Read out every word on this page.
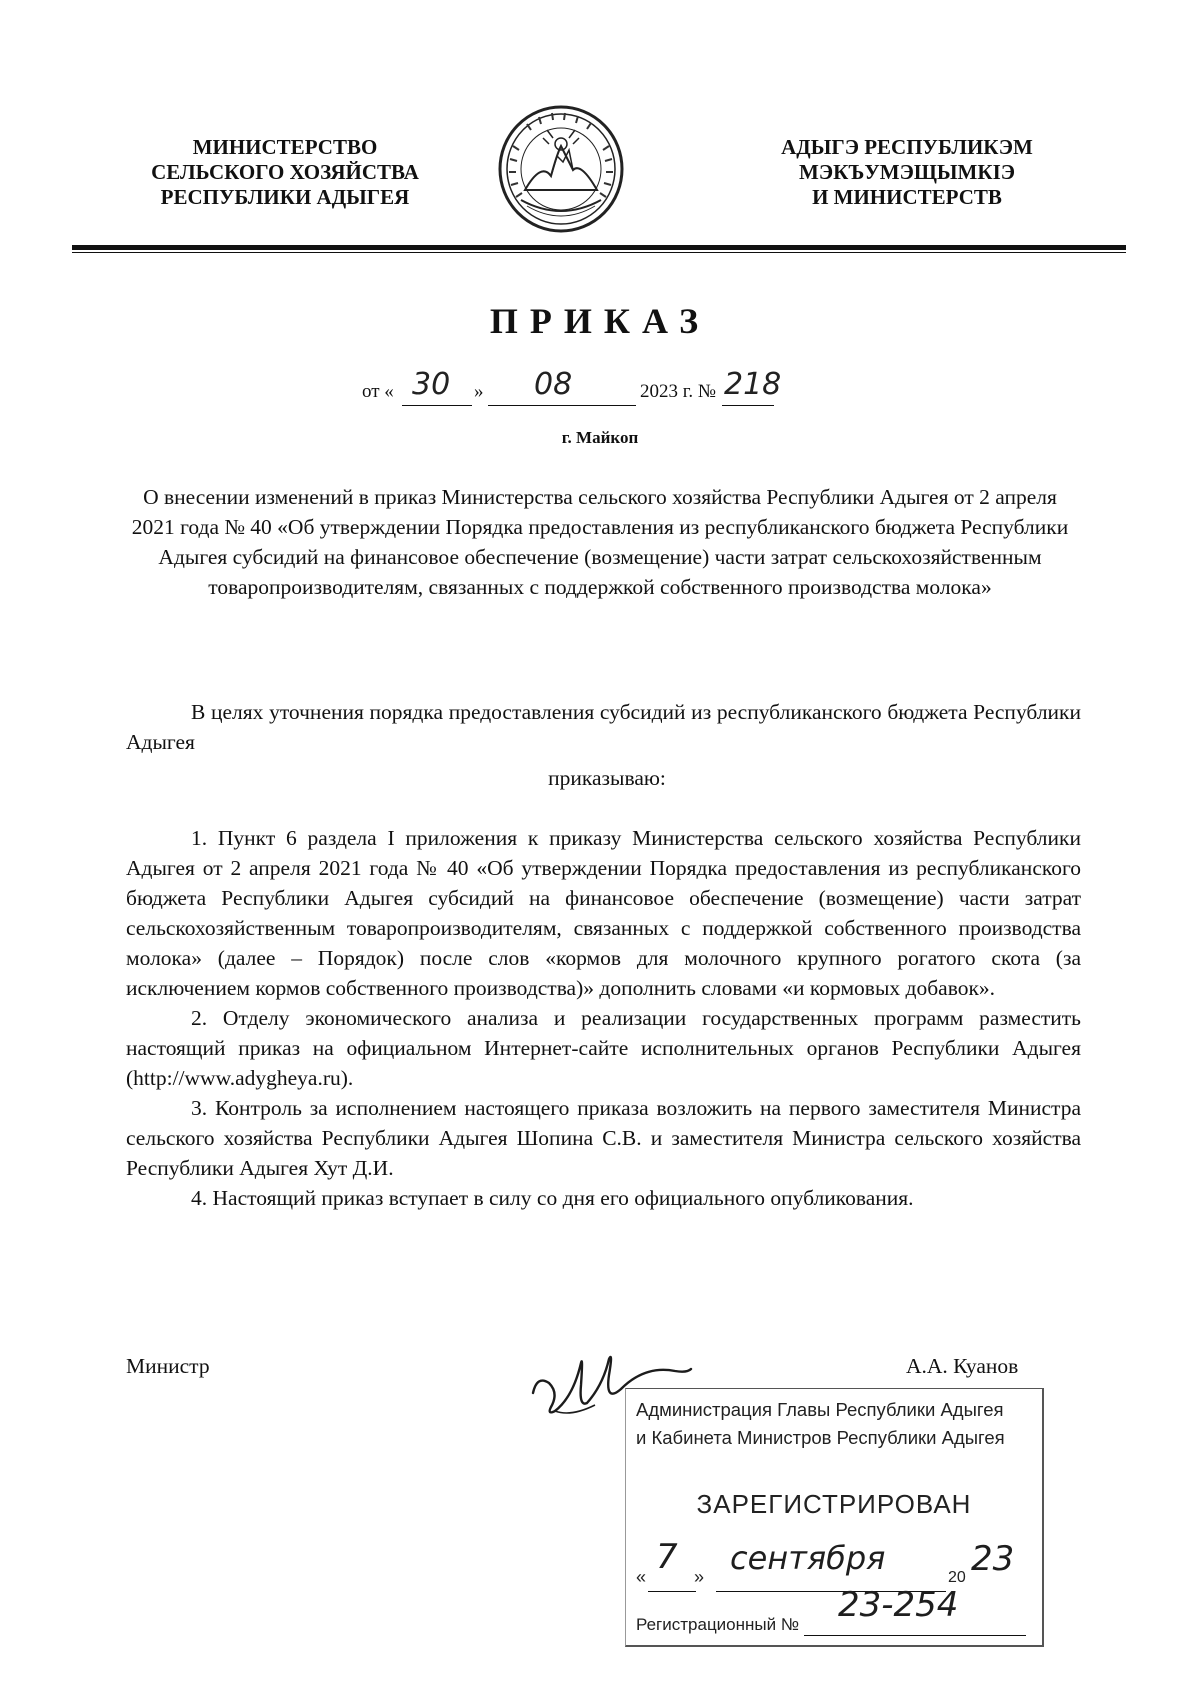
МИНИСТЕРСТВО
СЕЛЬСКОГО ХОЗЯЙСТВА
РЕСПУБЛИКИ АДЫГЕЯ
АДЫГЭ РЕСПУБЛИКЭМ
МЭКЪУМЭЩЫМКIЭ
И МИНИСТЕРСТВ
ПРИКАЗ
от « 30 » 08	2023 г. № 218
г. Майкоп
О внесении изменений в приказ Министерства сельского хозяйства Республики Адыгея от 2 апреля 2021 года № 40 «Об утверждении Порядка предоставления из республиканского бюджета Республики Адыгея субсидий на финансовое обеспечение (возмещение) части затрат сельскохозяйственным товаропроизводителям, связанных с поддержкой собственного производства молока»
В целях уточнения порядка предоставления субсидий из республиканского бюджета Республики Адыгея
приказываю:

1. Пункт 6 раздела I приложения к приказу Министерства сельского хозяйства Республики Адыгея от 2 апреля 2021 года № 40 «Об утверждении Порядка предоставления из республиканского бюджета Республики Адыгея субсидий на финансовое обеспечение (возмещение) части затрат сельскохозяйственным товаропроизводителям, связанных с поддержкой собственного производства молока» (далее – Порядок) после слов «кормов для молочного крупного рогатого скота (за исключением кормов собственного производства)» дополнить словами «и кормовых добавок».

2. Отделу экономического анализа и реализации государственных программ разместить настоящий приказ на официальном Интернет-сайте исполнительных органов Республики Адыгея (http://www.adygheya.ru).

3. Контроль за исполнением настоящего приказа возложить на первого заместителя Министра сельского хозяйства Республики Адыгея Шопина С.В. и заместителя Министра сельского хозяйства Республики Адыгея Хут Д.И.

4. Настоящий приказ вступает в силу со дня его официального опубликования.

Министр	А.А. Куанов
Администрация Главы Республики Адыгея
и Кабинета Министров Республики Адыгея
ЗАРЕГИСТРИРОВАН
« 7 » сентября
20 23
Регистрационный № 23-254
